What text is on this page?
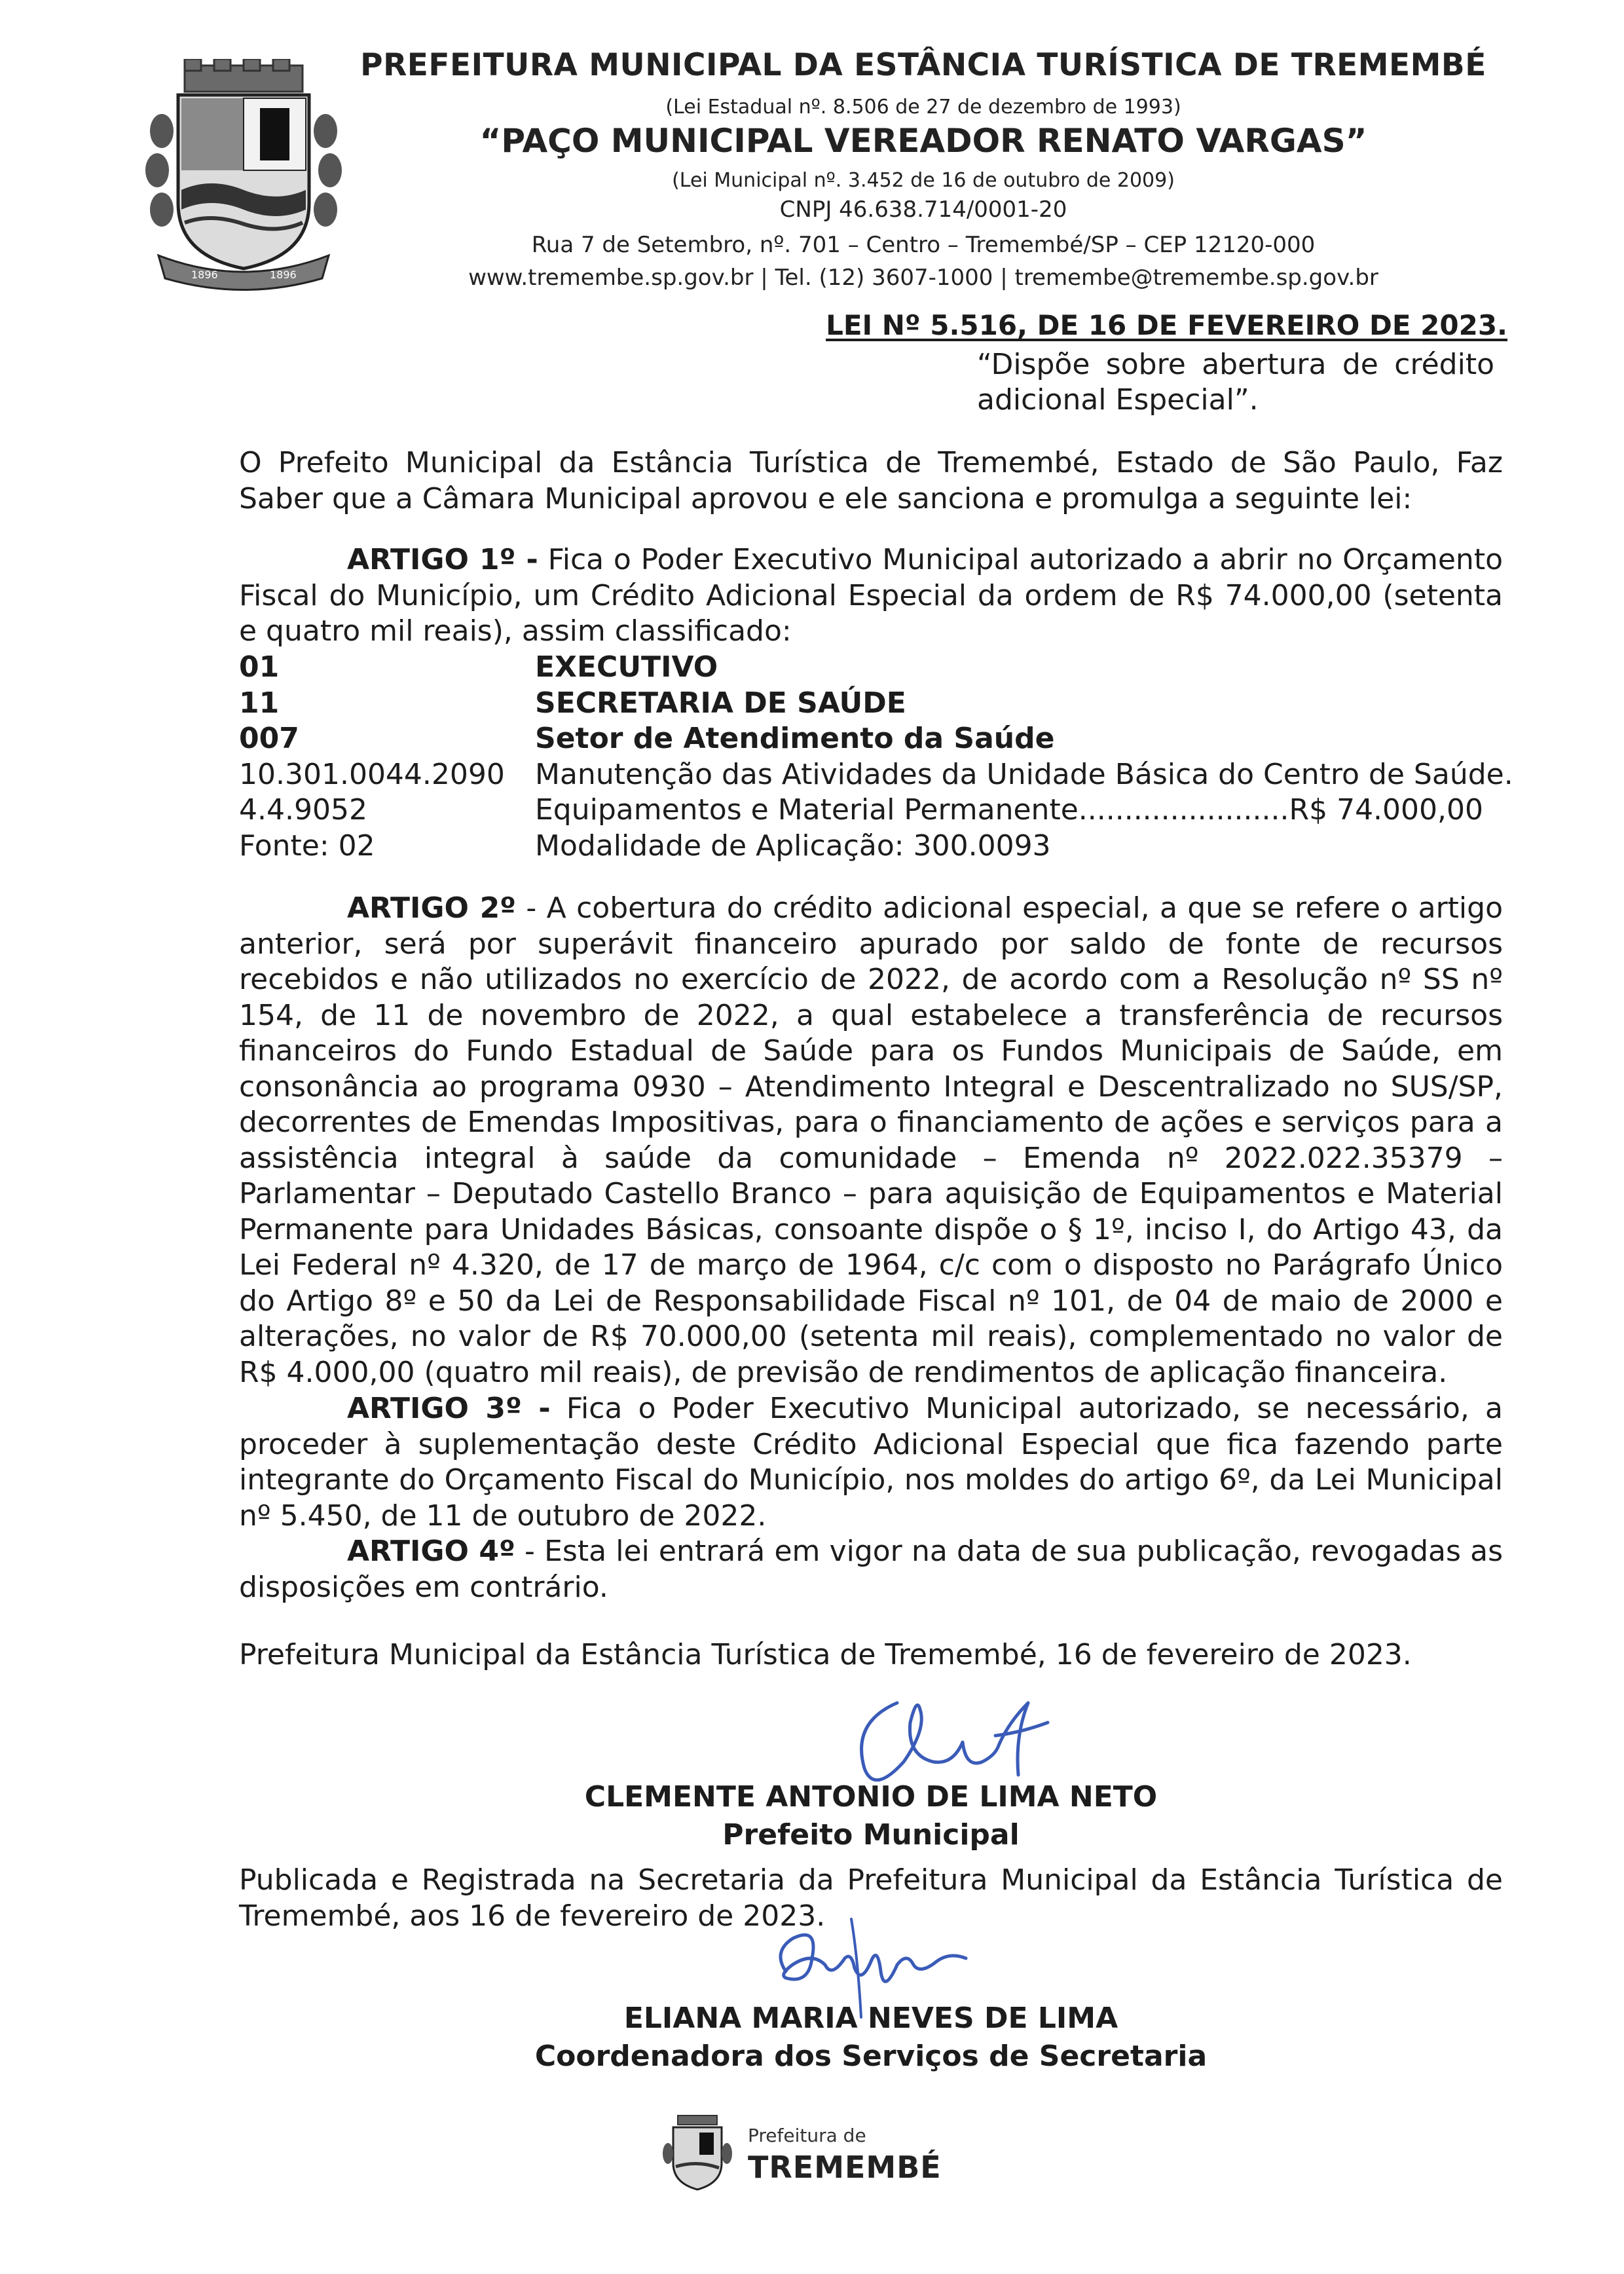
1896	1896
PREFEITURA MUNICIPAL DA ESTÂNCIA TURÍSTICA DE TREMEMBÉ
(Lei Estadual nº. 8.506 de 27 de dezembro de 1993)
“PAÇO MUNICIPAL VEREADOR RENATO VARGAS”
(Lei Municipal nº. 3.452 de 16 de outubro de 2009)
CNPJ 46.638.714/0001-20
Rua 7 de Setembro, nº. 701 – Centro – Tremembé/SP – CEP 12120-000
www.tremembe.sp.gov.br | Tel. (12) 3607-1000 | tremembe@tremembe.sp.gov.br
LEI Nº 5.516, DE 16 DE FEVEREIRO DE 2023.
“Dispõe sobre abertura de crédito adicional Especial”.
O Prefeito Municipal da Estância Turística de Tremembé, Estado de São Paulo, Faz Saber que a Câmara Municipal aprovou e ele sanciona e promulga a seguinte lei:
ARTIGO 1º - Fica o Poder Executivo Municipal autorizado a abrir no Orçamento Fiscal do Município, um Crédito Adicional Especial da ordem de R$ 74.000,00 (setenta e quatro mil reais), assim classificado:
01	EXECUTIVO
11	SECRETARIA DE SAÚDE
007	Setor de Atendimento da Saúde
10.301.0044.2090 Manutenção das Atividades da Unidade Básica do Centro de Saúde.
4.4.9052	Equipamentos e Material Permanente....................... R$ 74.000,00
Fonte: 02	Modalidade de Aplicação: 300.0093
ARTIGO 2º - A cobertura do crédito adicional especial, a que se refere o artigo anterior, será por superávit financeiro apurado por saldo de fonte de recursos recebidos e não utilizados no exercício de 2022, de acordo com a Resolução nº SS nº 154, de 11 de novembro de 2022, a qual estabelece a transferência de recursos financeiros do Fundo Estadual de Saúde para os Fundos Municipais de Saúde, em consonância ao programa 0930 – Atendimento Integral e Descentralizado no SUS/SP, decorrentes de Emendas Impositivas, para o financiamento de ações e serviços para a assistência integral à saúde da comunidade – Emenda nº 2022.022.35379 – Parlamentar – Deputado Castello Branco – para aquisição de Equipamentos e Material Permanente para Unidades Básicas, consoante dispõe o § 1º, inciso I, do Artigo 43, da Lei Federal nº 4.320, de 17 de março de 1964, c/c com o disposto no Parágrafo Único do Artigo 8º e 50 da Lei de Responsabilidade Fiscal nº 101, de 04 de maio de 2000 e alterações, no valor de R$ 70.000,00 (setenta mil reais), complementado no valor de R$ 4.000,00 (quatro mil reais), de previsão de rendimentos de aplicação financeira.
ARTIGO 3º - Fica o Poder Executivo Municipal autorizado, se necessário, a proceder à suplementação deste Crédito Adicional Especial que fica fazendo parte integrante do Orçamento Fiscal do Município, nos moldes do artigo 6º, da Lei Municipal nº 5.450, de 11 de outubro de 2022.
ARTIGO 4º - Esta lei entrará em vigor na data de sua publicação, revogadas as disposições em contrário.
Prefeitura Municipal da Estância Turística de Tremembé, 16 de fevereiro de 2023.
CLEMENTE ANTONIO DE LIMA NETO
Prefeito Municipal
Publicada e Registrada na Secretaria da Prefeitura Municipal da Estância Turística de Tremembé, aos 16 de fevereiro de 2023.
ELIANA MARIA NEVES DE LIMA
Coordenadora dos Serviços de Secretaria
Prefeitura de
TREMEMBÉ
